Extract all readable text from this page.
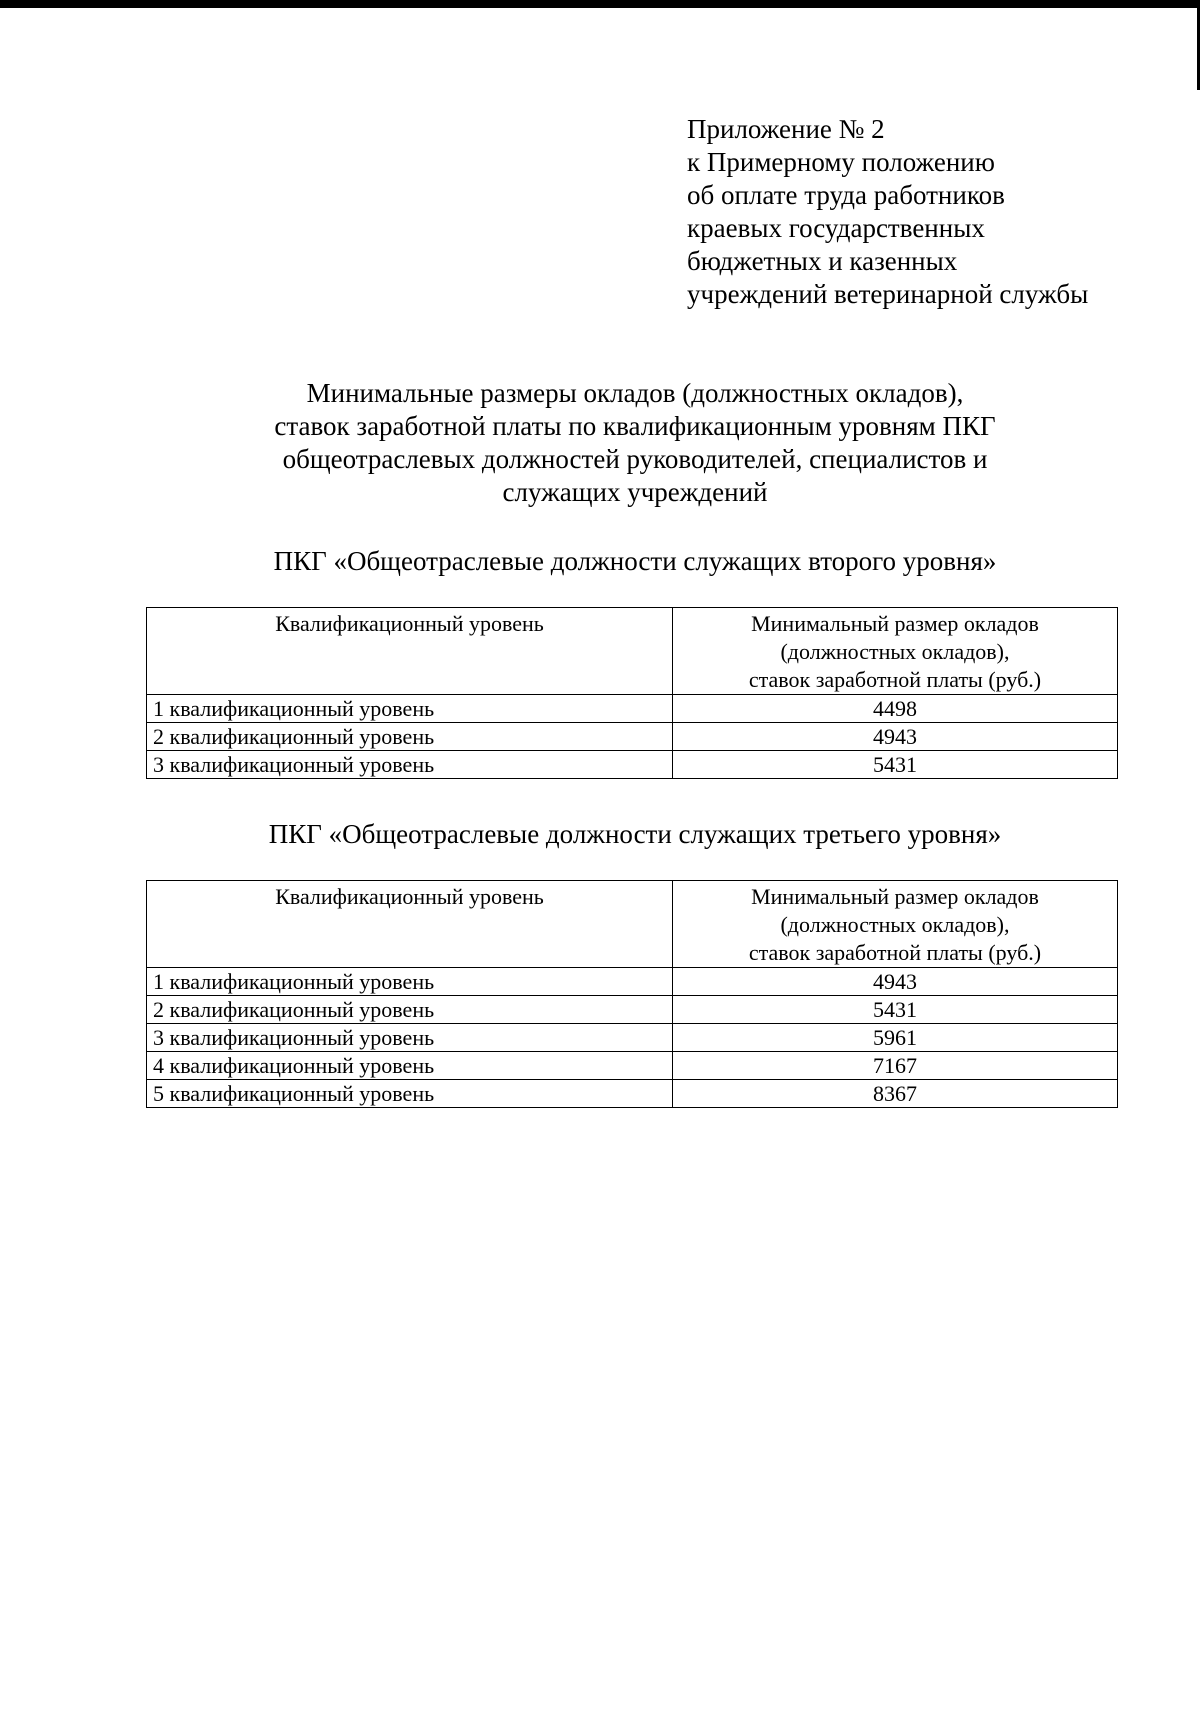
Приложение № 2
к Примерному положению
об оплате труда работников
краевых государственных
бюджетных и казенных
учреждений ветеринарной службы
Минимальные размеры окладов (должностных окладов),
ставок заработной платы по квалификационным уровням ПКГ
общеотраслевых должностей руководителей, специалистов и
служащих учреждений
ПКГ «Общеотраслевые должности служащих второго уровня»
Квалификационный уровень	Минимальный размер окладов
(должностных окладов),
ставок заработной платы (руб.)

1 квалификационный уровень	4498
2 квалификационный уровень	4943
3 квалификационный уровень	5431
ПКГ «Общеотраслевые должности служащих третьего уровня»
Квалификационный уровень	Минимальный размер окладов
(должностных окладов),
ставок заработной платы (руб.)

1 квалификационный уровень	4943
2 квалификационный уровень	5431
3 квалификационный уровень	5961
4 квалификационный уровень	7167
5 квалификационный уровень	8367
